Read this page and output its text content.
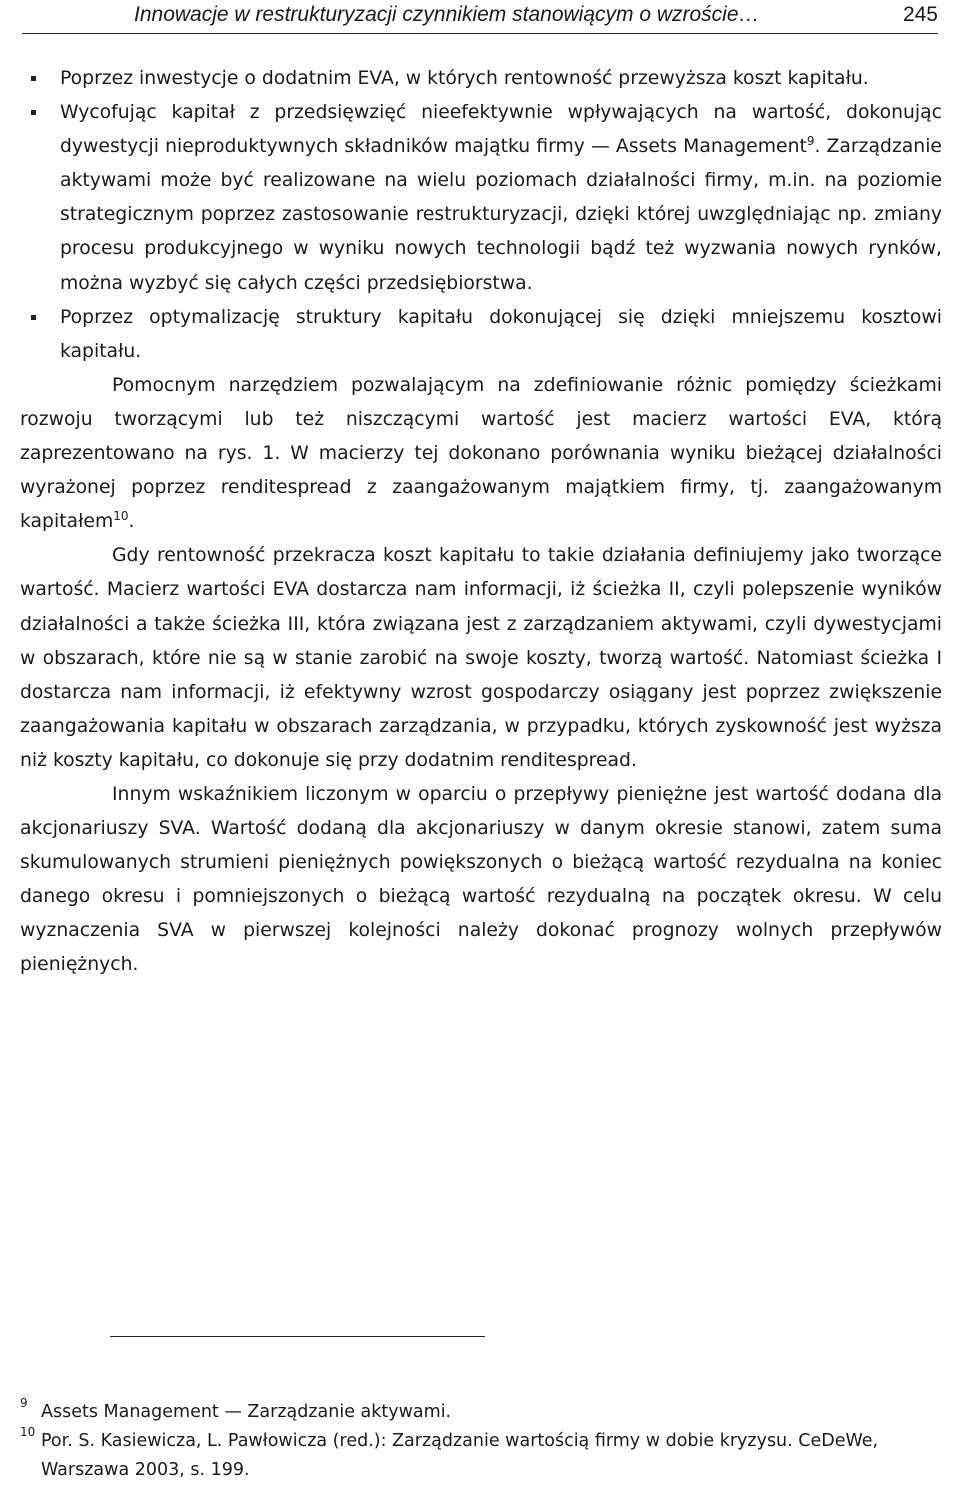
Innowacje w restrukturyzacji czynnikiem stanowiącym o wzroście…	245

Poprzez inwestycje o dodatnim EVA, w których rentowność przewyższa koszt kapitału.

Wycofując kapitał z przedsięwzięć nieefektywnie wpływających na wartość, dokonując dywestycji nieproduktywnych składników majątku firmy — Assets Management$^9$. Zarządzanie aktywami może być realizowane na wielu poziomach działalności firmy, m.in. na poziomie strategicznym poprzez zastosowanie restrukturyzacji, dzięki której uwzględniając np. zmiany procesu produkcyjnego w wyniku nowych technologii bądź też wyzwania nowych rynków, można wyzbyć się całych części przedsiębiorstwa.

Poprzez optymalizację struktury kapitału dokonującej się dzięki mniejszemu kosztowi kapitału.

Pomocnym narzędziem pozwalającym na zdefiniowanie różnic pomiędzy ścieżkami rozwoju tworzącymi lub też niszczącymi wartość jest macierz wartości EVA, którą zaprezentowano na rys. 1. W macierzy tej dokonano porównania wyniku bieżącej działalności wyrażonej poprzez renditespread z zaangażowanym majątkiem firmy, tj. zaangażowanym kapitałem$^{10}$.

Gdy rentowność przekracza koszt kapitału to takie działania definiujemy jako tworzące wartość. Macierz wartości EVA dostarcza nam informacji, iż ścieżka II, czyli polepszenie wyników działalności a także ścieżka III, która związana jest z zarządzaniem aktywami, czyli dywestycjami w obszarach, które nie są w stanie zarobić na swoje koszty, tworzą wartość. Natomiast ścieżka I dostarcza nam informacji, iż efektywny wzrost gospodarczy osiągany jest poprzez zwiększenie zaangażowania kapitału w obszarach zarządzania, w przypadku, których zyskowność jest wyższa niż koszty kapitału, co dokonuje się przy dodatnim renditespread.

Innym wskaźnikiem liczonym w oparciu o przepływy pieniężne jest wartość dodana dla akcjonariuszy SVA. Wartość dodaną dla akcjonariuszy w danym okresie stanowi, zatem suma skumulowanych strumieni pieniężnych powiększonych o bieżącą wartość rezydualna na koniec danego okresu i pomniejszonych o bieżącą wartość rezydualną na początek okresu. W celu wyznaczenia SVA w pierwszej kolejności należy dokonać prognozy wolnych przepływów pieniężnych.

9 Assets Management — Zarządzanie aktywami.

10 Por. S. Kasiewicza, L. Pawłowicza (red.): Zarządzanie wartością firmy w dobie kryzysu. CeDeWe, Warszawa 2003, s. 199.
